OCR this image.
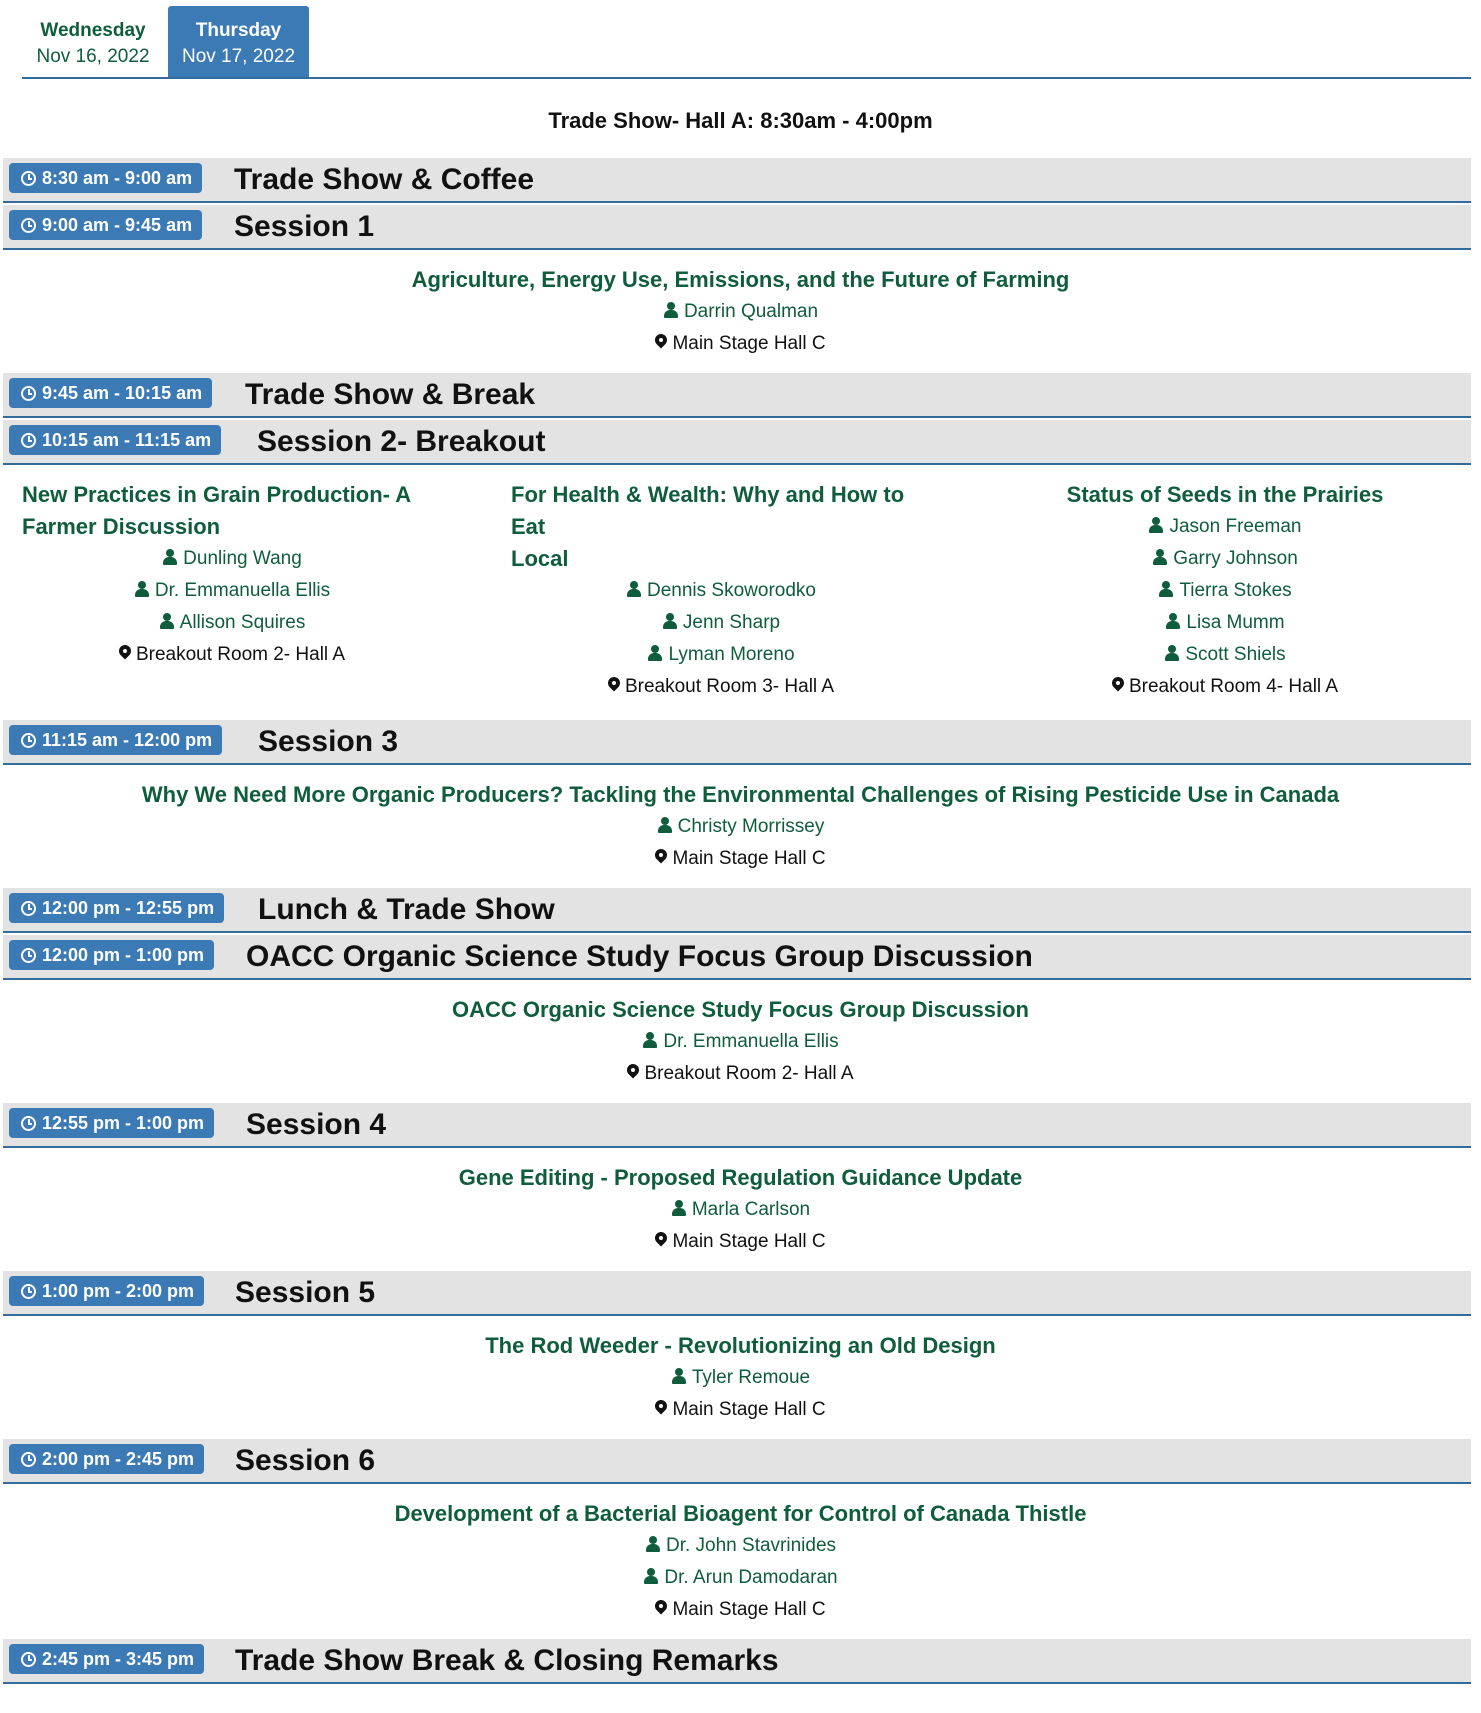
Wednesday
Nov 16, 2022
Thursday
Nov 17, 2022
Trade Show- Hall A: 8:30am - 4:00pm
8:30 am - 9:00 am Trade Show & Coffee
9:00 am - 9:45 am Session 1
Agriculture, Energy Use, Emissions, and the Future of Farming
Darrin Qualman
Main Stage Hall C
9:45 am - 10:15 am Trade Show & Break
10:15 am - 11:15 am Session 2- Breakout
New Practices in Grain Production- A
Farmer Discussion
Dunling Wang
Dr. Emmanuella Ellis
Allison Squires
Breakout Room 2- Hall A
For Health & Wealth: Why and How to Eat
Local
Dennis Skoworodko
Jenn Sharp
Lyman Moreno
Breakout Room 3- Hall A
Status of Seeds in the Prairies
Jason Freeman
Garry Johnson
Tierra Stokes
Lisa Mumm
Scott Shiels
Breakout Room 4- Hall A
11:15 am - 12:00 pm Session 3
Why We Need More Organic Producers? Tackling the Environmental Challenges of Rising Pesticide Use in Canada
Christy Morrissey
Main Stage Hall C
12:00 pm - 12:55 pm Lunch & Trade Show
12:00 pm - 1:00 pm OACC Organic Science Study Focus Group Discussion
OACC Organic Science Study Focus Group Discussion
Dr. Emmanuella Ellis
Breakout Room 2- Hall A
12:55 pm - 1:00 pm Session 4
Gene Editing - Proposed Regulation Guidance Update
Marla Carlson
Main Stage Hall C
1:00 pm - 2:00 pm Session 5
The Rod Weeder - Revolutionizing an Old Design
Tyler Remoue
Main Stage Hall C
2:00 pm - 2:45 pm Session 6
Development of a Bacterial Bioagent for Control of Canada Thistle
Dr. John Stavrinides
Dr. Arun Damodaran
Main Stage Hall C
2:45 pm - 3:45 pm Trade Show Break & Closing Remarks
